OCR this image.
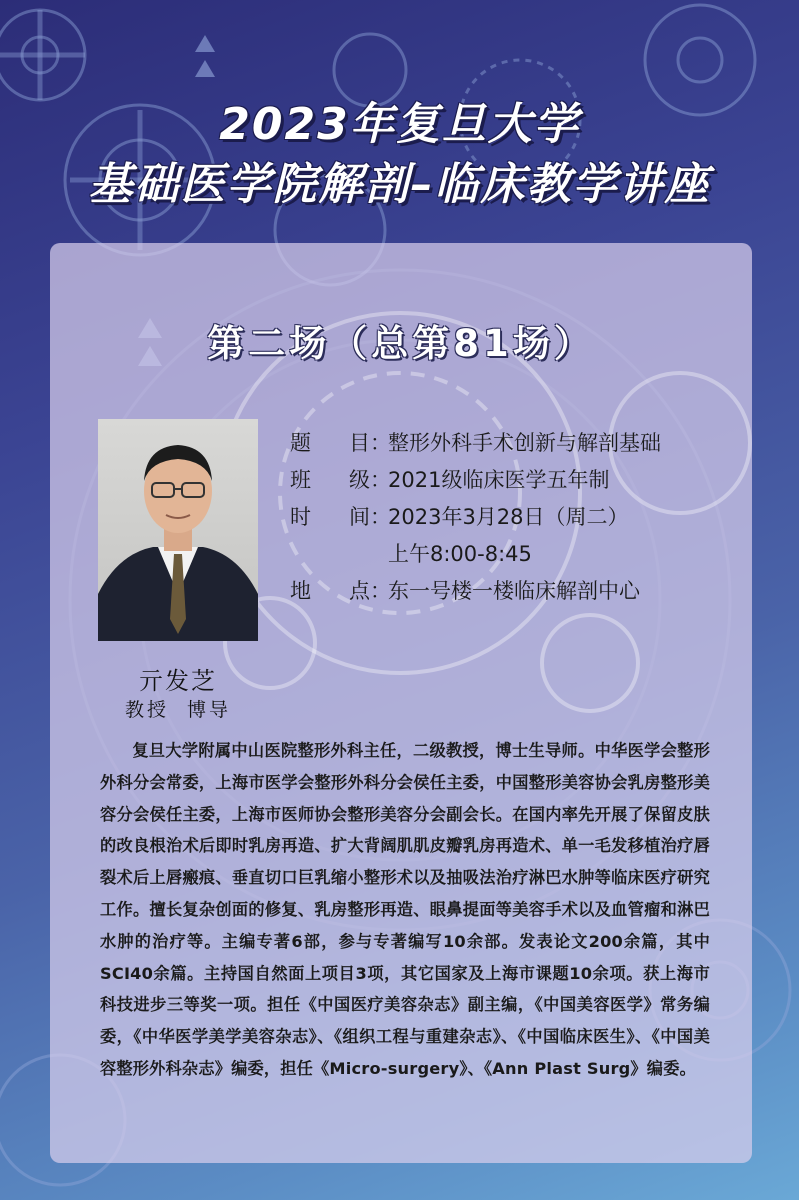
2023年复旦大学
基础医学院解剖–临床教学讲座
第二场（总第81场）
亓发芝
教授  博导
题 目 ：
整形外科手术创新与解剖基础
班 级 ：
2021级临床医学五年制
时 间 ：
2023年3月28日（周二）
上午8:00-8:45
地 点 ：
东一号楼一楼临床解剖中心
复旦大学附属中山医院整形外科主任，二级教授，博士生导师。中华医学会整形外科分会常委，上海市医学会整形外科分会侯任主委，中国整形美容协会乳房整形美容分会侯任主委，上海市医师协会整形美容分会副会长。在国内率先开展了保留皮肤的改良根治术后即时乳房再造、扩大背阔肌肌皮瓣乳房再造术、单一毛发移植治疗唇裂术后上唇瘢痕、垂直切口巨乳缩小整形术以及抽吸法治疗淋巴水肿等临床医疗研究工作。擅长复杂创面的修复、乳房整形再造、眼鼻提面等美容手术以及血管瘤和淋巴水肿的治疗等。主编专著6部，参与专著编写10余部。发表论文200余篇，其中SCI40余篇。主持国自然面上项目3项，其它国家及上海市课题10余项。获上海市科技进步三等奖一项。担任《中国医疗美容杂志》副主编，《中国美容医学》常务编委，《中华医学美学美容杂志》、《组织工程与重建杂志》、《中国临床医生》、《中国美容整形外科杂志》编委，担任《Micro-surgery》、《Ann Plast Surg》编委。
